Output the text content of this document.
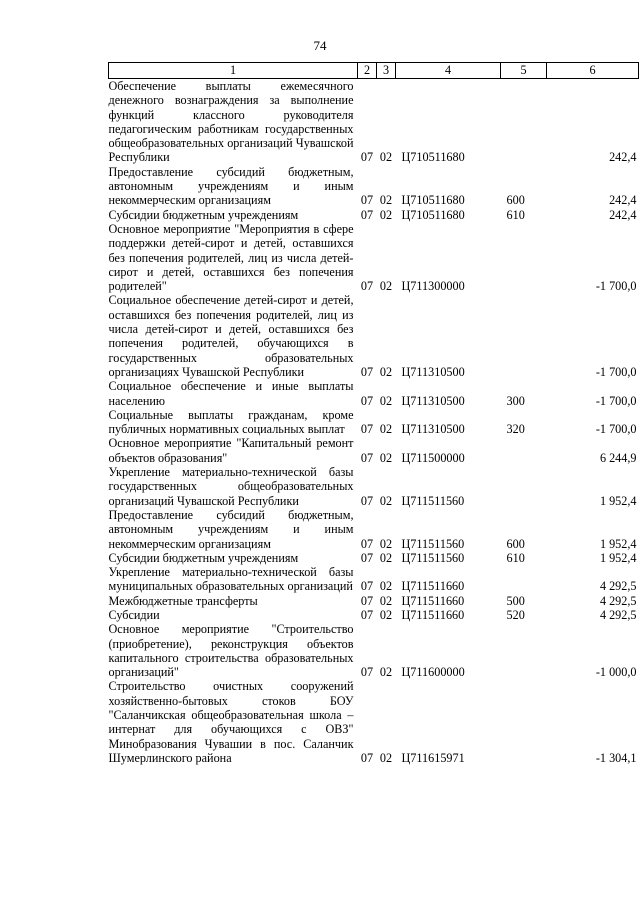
74
1	2	3	4	5	6
Обеспечение выплаты ежемесячного денежного вознаграждения за выполнение функций классного руководителя педагогическим работникам государственных общеобразовательных организаций Чувашской Республики	07	02	Ц710511680		242,4
Предоставление субсидий бюджетным, автономным учреждениям и иным некоммерческим организациям	07	02	Ц710511680	600	242,4
Субсидии бюджетным учреждениям	07	02	Ц710511680	610	242,4
Основное мероприятие "Мероприятия в сфере поддержки детей-сирот и детей, оставшихся без попечения родителей, лиц из числа детей-сирот и детей, оставшихся без попечения родителей"	07	02	Ц711300000		-1 700,0
Социальное обеспечение детей-сирот и детей, оставшихся без попечения родителей, лиц из числа детей-сирот и детей, оставшихся без попечения родителей, обучающихся в государственных образовательных организациях Чувашской Республики	07	02	Ц711310500		-1 700,0
Социальное обеспечение и иные выплаты населению	07	02	Ц711310500	300	-1 700,0
Социальные выплаты гражданам, кроме публичных нормативных социальных выплат	07	02	Ц711310500	320	-1 700,0
Основное мероприятие "Капитальный ремонт объектов образования"	07	02	Ц711500000		6 244,9
Укрепление материально-технической базы государственных общеобразовательных организаций Чувашской Республики	07	02	Ц711511560		1 952,4
Предоставление субсидий бюджетным, автономным учреждениям и иным некоммерческим организациям	07	02	Ц711511560	600	1 952,4
Субсидии бюджетным учреждениям	07	02	Ц711511560	610	1 952,4
Укрепление материально-технической базы муниципальных образовательных организаций	07	02	Ц711511660		4 292,5
Межбюджетные трансферты	07	02	Ц711511660	500	4 292,5
Субсидии	07	02	Ц711511660	520	4 292,5
Основное мероприятие "Строительство (приобретение), реконструкция объектов капитального строительства образовательных организаций"	07	02	Ц711600000		-1 000,0
Строительство очистных сооружений хозяйственно-бытовых стоков БОУ "Саланчикская общеобразовательная школа – интернат для обучающихся с ОВЗ" Минобразования Чувашии в пос. Саланчик Шумерлинского района	07	02	Ц711615971		-1 304,1
